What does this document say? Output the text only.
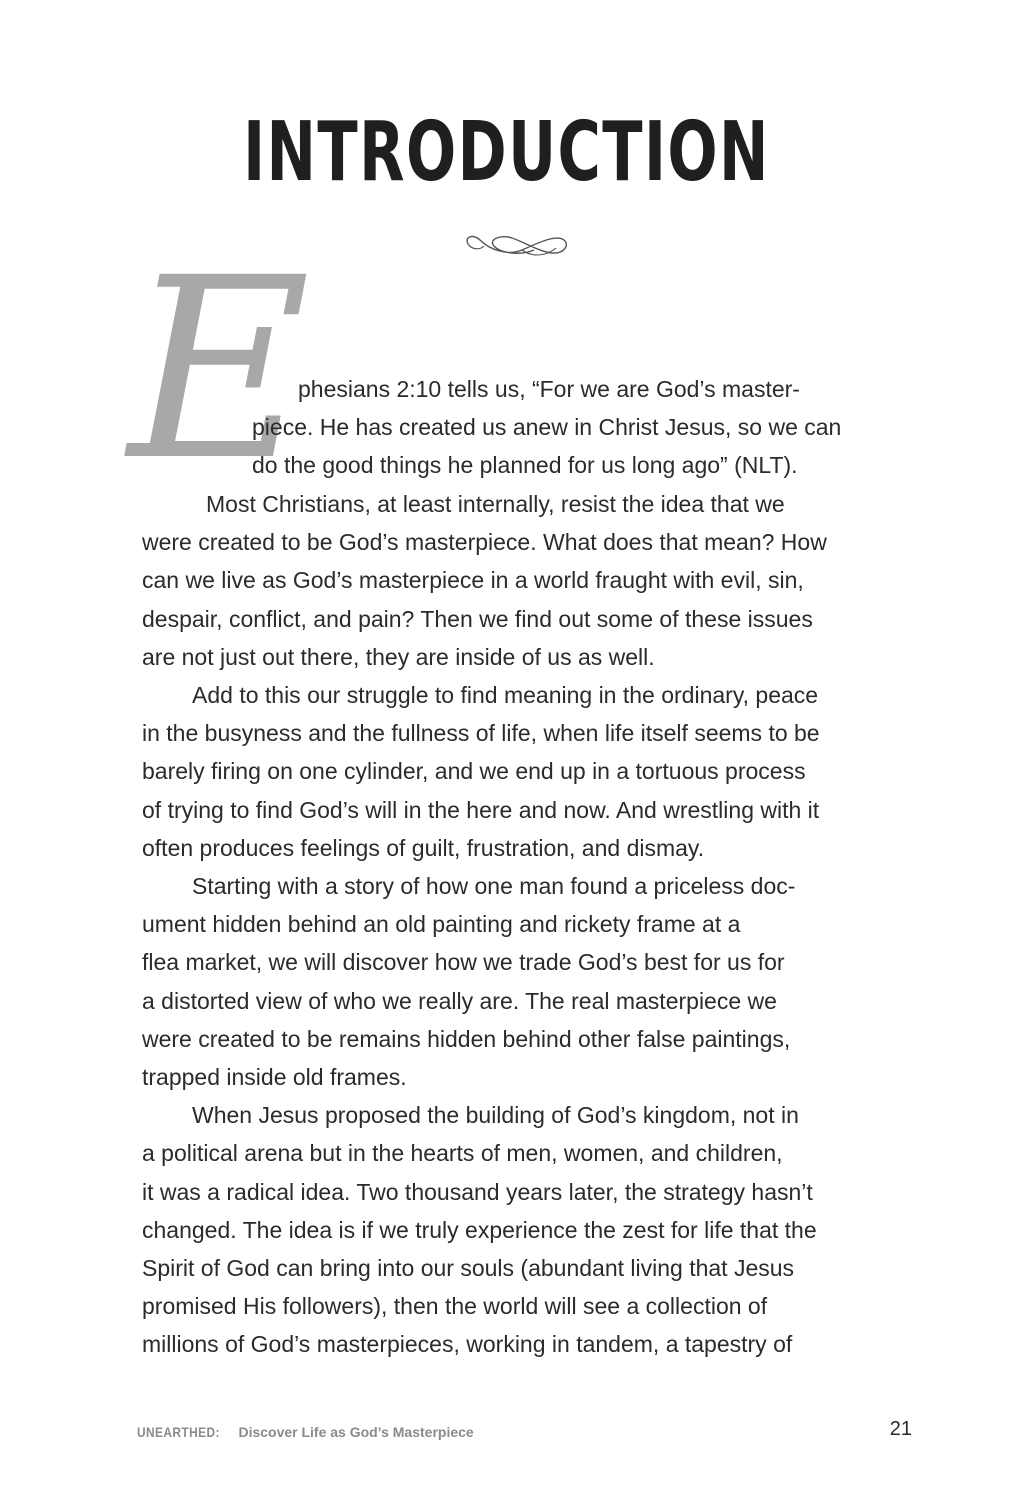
INTRODUCTION
E

phesians 2:10 tells us, “For we are God’s master-
piece. He has created us anew in Christ Jesus, so we can
do the good things he planned for us long ago” (NLT).

Most Christians, at least internally, resist the idea that we
were created to be God’s masterpiece. What does that mean? How
can we live as God’s masterpiece in a world fraught with evil, sin,
despair, conflict, and pain? Then we find out some of these issues
are not just out there, they are inside of us as well.

Add to this our struggle to find meaning in the ordinary, peace
in the busyness and the fullness of life, when life itself seems to be
barely firing on one cylinder, and we end up in a tortuous process
of trying to find God’s will in the here and now. And wrestling with it
often produces feelings of guilt, frustration, and dismay.

Starting with a story of how one man found a priceless doc-
ument hidden behind an old painting and rickety frame at a
flea market, we will discover how we trade God’s best for us for
a distorted view of who we really are. The real masterpiece we
were created to be remains hidden behind other false paintings,
trapped inside old frames.

When Jesus proposed the building of God’s kingdom, not in
a political arena but in the hearts of men, women, and children,
it was a radical idea. Two thousand years later, the strategy hasn’t
changed. The idea is if we truly experience the zest for life that the
Spirit of God can bring into our souls (abundant living that Jesus
promised His followers), then the world will see a collection of
millions of God’s masterpieces, working in tandem, a tapestry of

UNEARTHED: Discover Life as God’s Masterpiece	21
